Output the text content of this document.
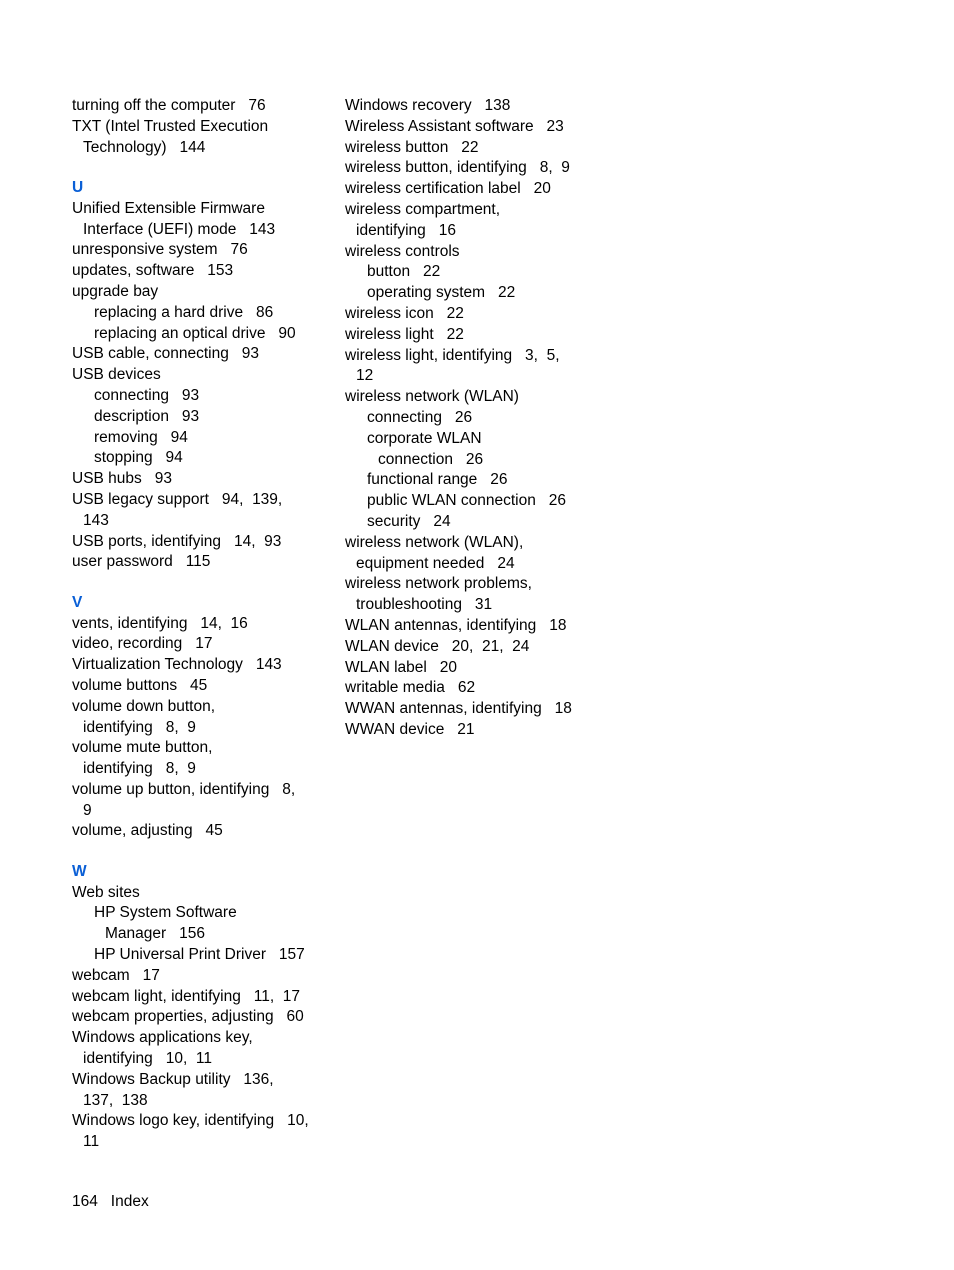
turning off the computer   76
TXT (Intel Trusted Execution
Technology)   144
U
Unified Extensible Firmware
Interface (UEFI) mode   143
unresponsive system   76
updates, software   153
upgrade bay
replacing a hard drive   86
replacing an optical drive   90
USB cable, connecting   93
USB devices
connecting   93
description   93
removing   94
stopping   94
USB hubs   93
USB legacy support   94,  139,
143
USB ports, identifying   14,  93
user password   115
V
vents, identifying   14,  16
video, recording   17
Virtualization Technology   143
volume buttons   45
volume down button,
identifying   8,  9
volume mute button,
identifying   8,  9
volume up button, identifying   8,
9
volume, adjusting   45
W
Web sites
HP System Software
Manager   156
HP Universal Print Driver   157
webcam   17
webcam light, identifying   11,  17
webcam properties, adjusting   60
Windows applications key,
identifying   10,  11
Windows Backup utility   136,
137,  138
Windows logo key, identifying   10,
11
Windows recovery   138
Wireless Assistant software   23
wireless button   22
wireless button, identifying   8,  9
wireless certification label   20
wireless compartment,
identifying   16
wireless controls
button   22
operating system   22
wireless icon   22
wireless light   22
wireless light, identifying   3,  5,
12
wireless network (WLAN)
connecting   26
corporate WLAN
connection   26
functional range   26
public WLAN connection   26
security   24
wireless network (WLAN),
equipment needed   24
wireless network problems,
troubleshooting   31
WLAN antennas, identifying   18
WLAN device   20,  21,  24
WLAN label   20
writable media   62
WWAN antennas, identifying   18
WWAN device   21
164   Index
